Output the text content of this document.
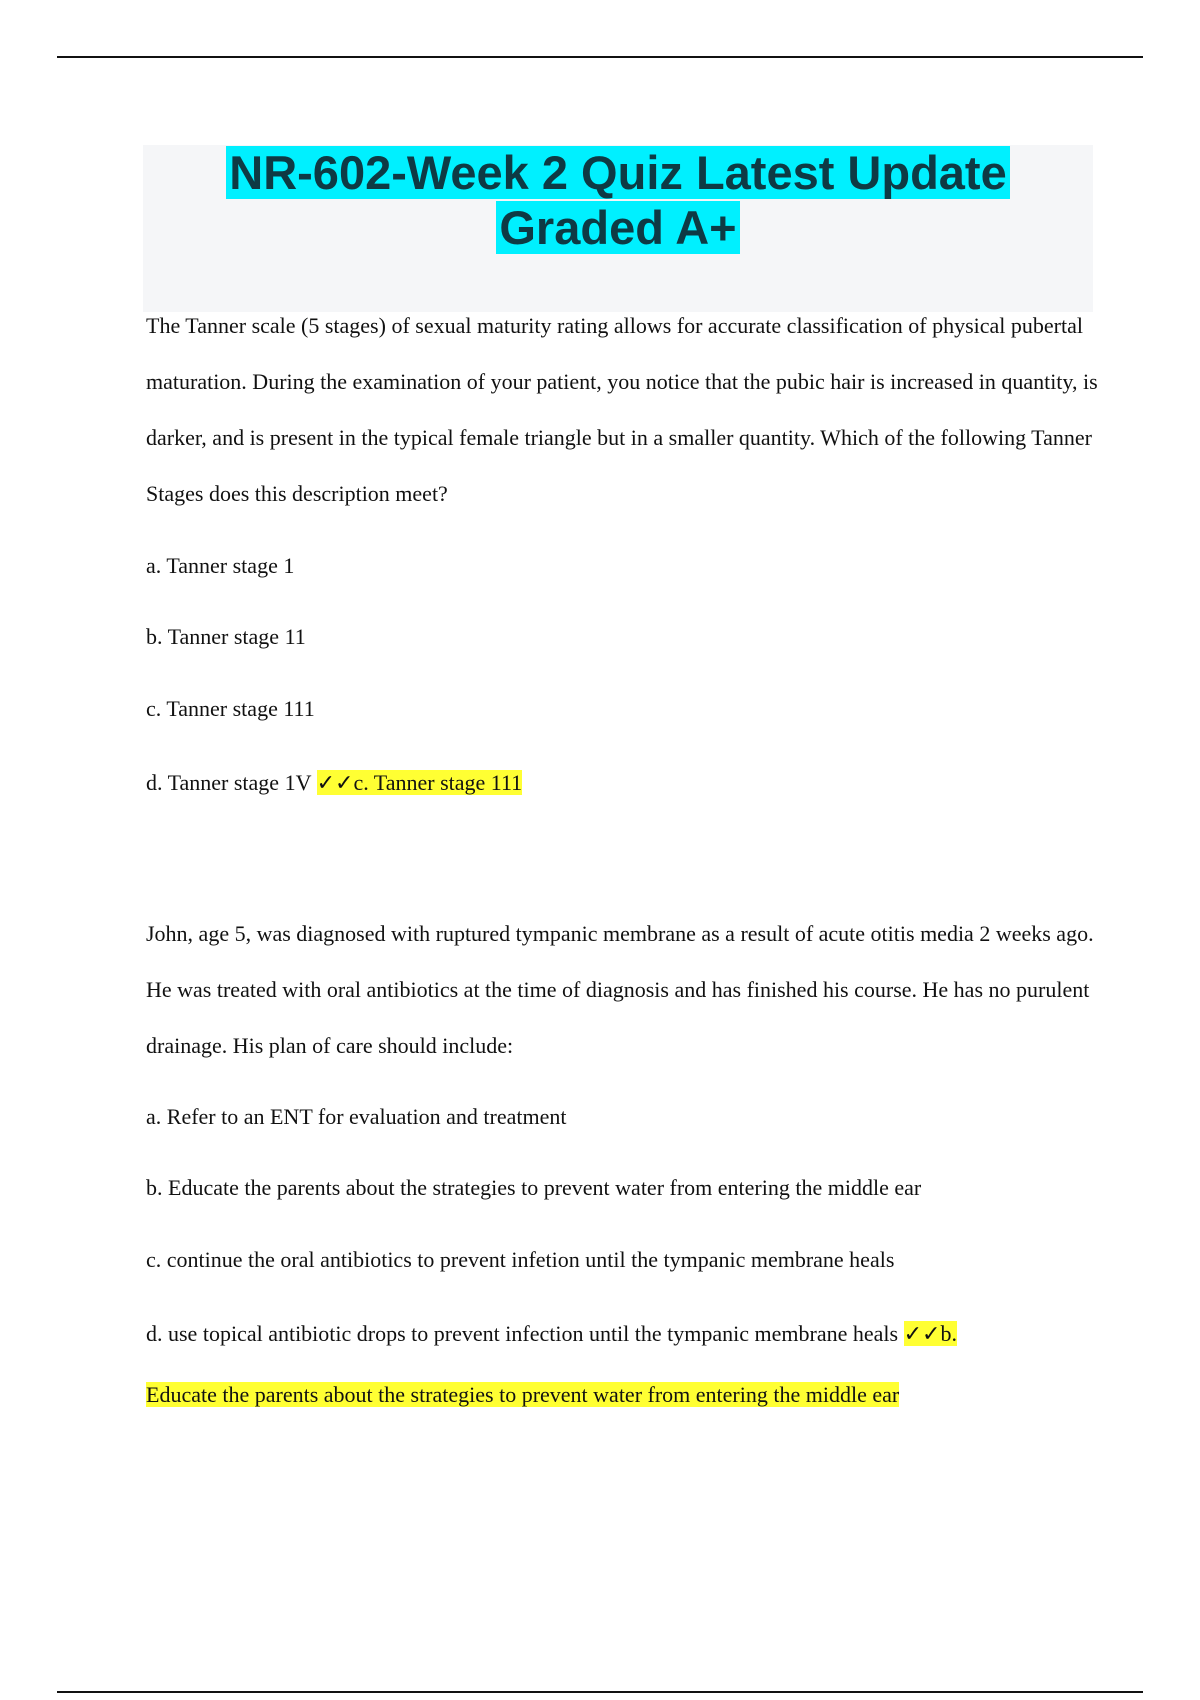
NR-602-Week 2 Quiz Latest Update
Graded A+

The Tanner scale (5 stages) of sexual maturity rating allows for accurate classification of physical pubertal maturation. During the examination of your patient, you notice that the pubic hair is increased in quantity, is darker, and is present in the typical female triangle but in a smaller quantity. Which of the following Tanner Stages does this description meet?

a. Tanner stage 1

b. Tanner stage 11

c. Tanner stage 111

d. Tanner stage 1V ✓✓c. Tanner stage 111

John, age 5, was diagnosed with ruptured tympanic membrane as a result of acute otitis media 2 weeks ago. He was treated with oral antibiotics at the time of diagnosis and has finished his course. He has no purulent drainage. His plan of care should include:

a. Refer to an ENT for evaluation and treatment

b. Educate the parents about the strategies to prevent water from entering the middle ear

c. continue the oral antibiotics to prevent infetion until the tympanic membrane heals

d. use topical antibiotic drops to prevent infection until the tympanic membrane heals ✓✓b.

Educate the parents about the strategies to prevent water from entering the middle ear
